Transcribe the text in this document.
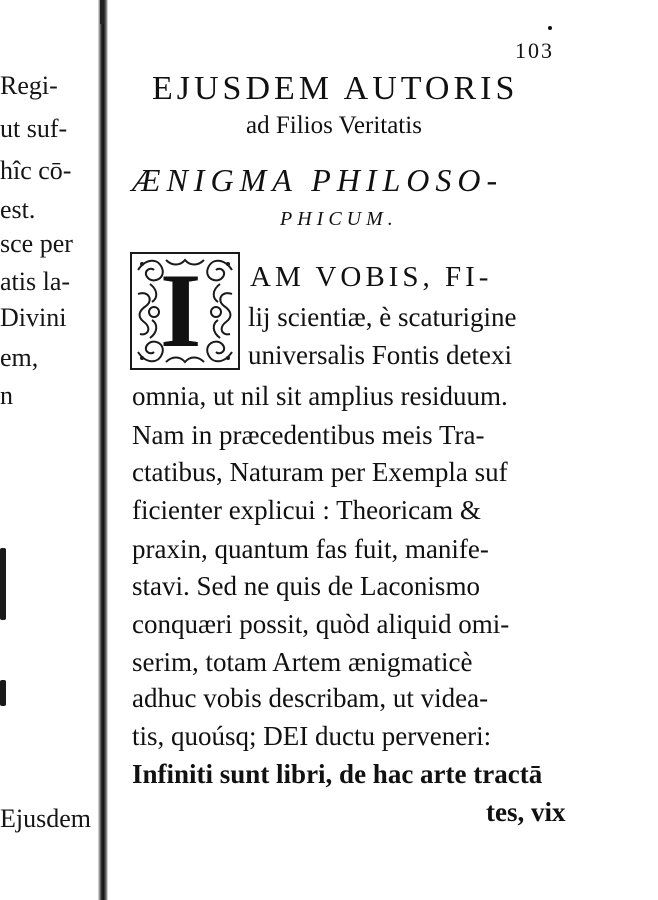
Regi-
ut suf-
hîc cō-
est.
sce per
atis la-
Divini
em,
n
Ejusdem
103
EJUSDEM AUTORIS
ad Filios Veritatis
ÆNIGMA PHILOSO-
PHICUM.
I AM VOBIS, FI-
lij scientiæ, è scaturigine
universalis Fontis detexi
omnia, ut nil sit amplius residuum.
Nam in præcedentibus meis Tra-
ctatibus, Naturam per Exempla suf
ficienter explicui : Theoricam &
praxin, quantum fas fuit, manife-
stavi. Sed ne quis de Laconismo
conquæri possit, quòd aliquid omi-
serim, totam Artem ænigmaticè
adhuc vobis describam, ut videa-
tis, quoúsq; DEI ductu perveneri:
Infiniti sunt libri, de hac arte tractā
tes, vix
